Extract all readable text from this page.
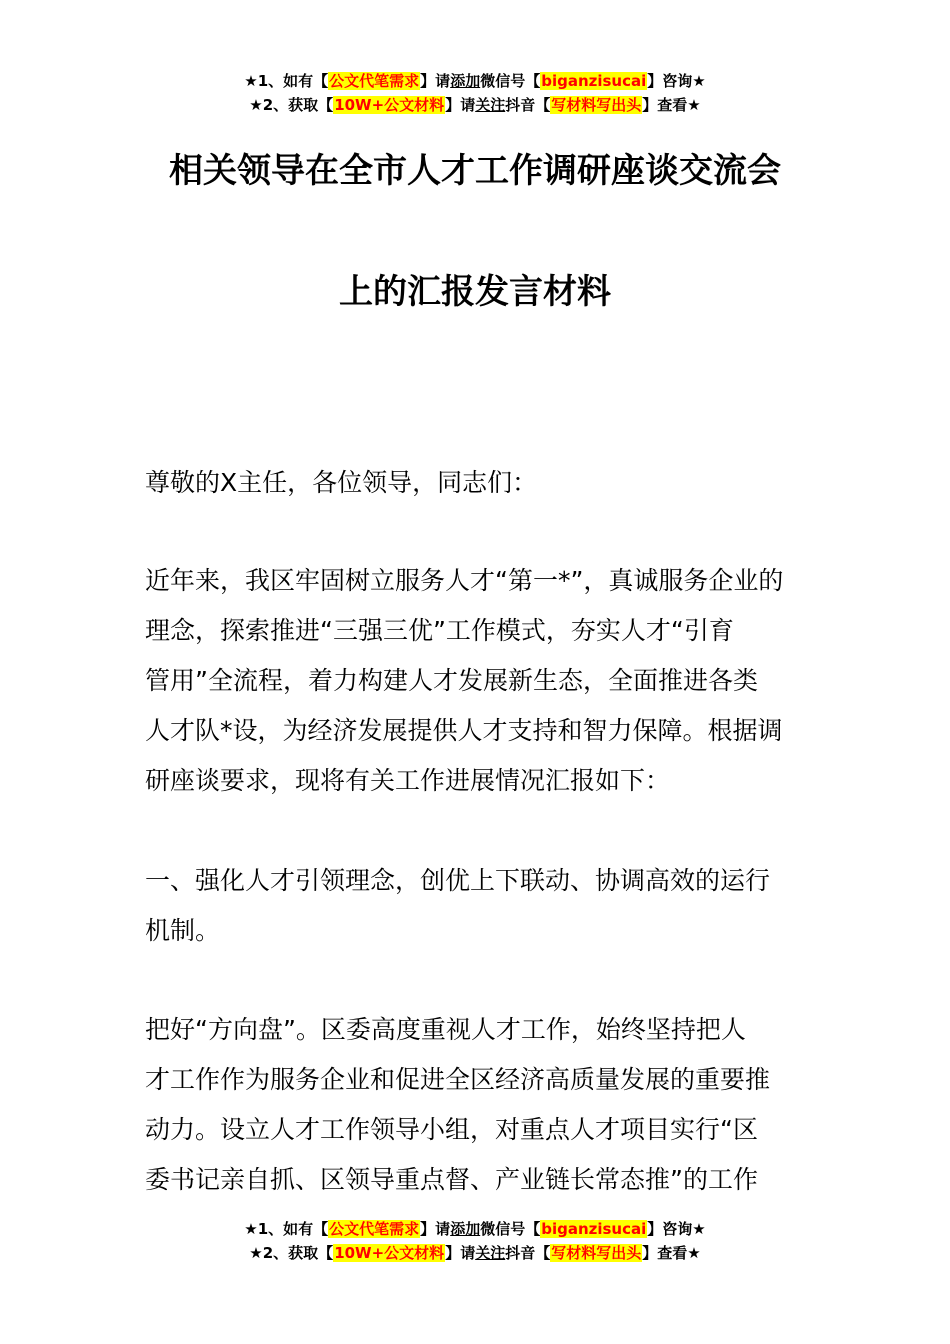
★1、如有【公文代笔需求】请添加微信号【biganzisucai】咨询★
★2、获取【10W+公文材料】请关注抖音【写材料写出头】查看★
相关领导在全市人才工作调研座谈交流会
上的汇报发言材料
尊敬的X主任，各位领导，同志们：
近年来，我区牢固树立服务人才“第一*”，真诚服务企业的
理念，探索推进“三强三优”工作模式，夯实人才“引育
管用”全流程，着力构建人才发展新生态，全面推进各类
人才队*设，为经济发展提供人才支持和智力保障。根据调
研座谈要求，现将有关工作进展情况汇报如下：
一、强化人才引领理念，创优上下联动、协调高效的运行
机制。
把好“方向盘”。区委高度重视人才工作，始终坚持把人
才工作作为服务企业和促进全区经济高质量发展的重要推
动力。设立人才工作领导小组，对重点人才项目实行“区
委书记亲自抓、区领导重点督、产业链长常态推”的工作
★1、如有【公文代笔需求】请添加微信号【biganzisucai】咨询★
★2、获取【10W+公文材料】请关注抖音【写材料写出头】查看★
